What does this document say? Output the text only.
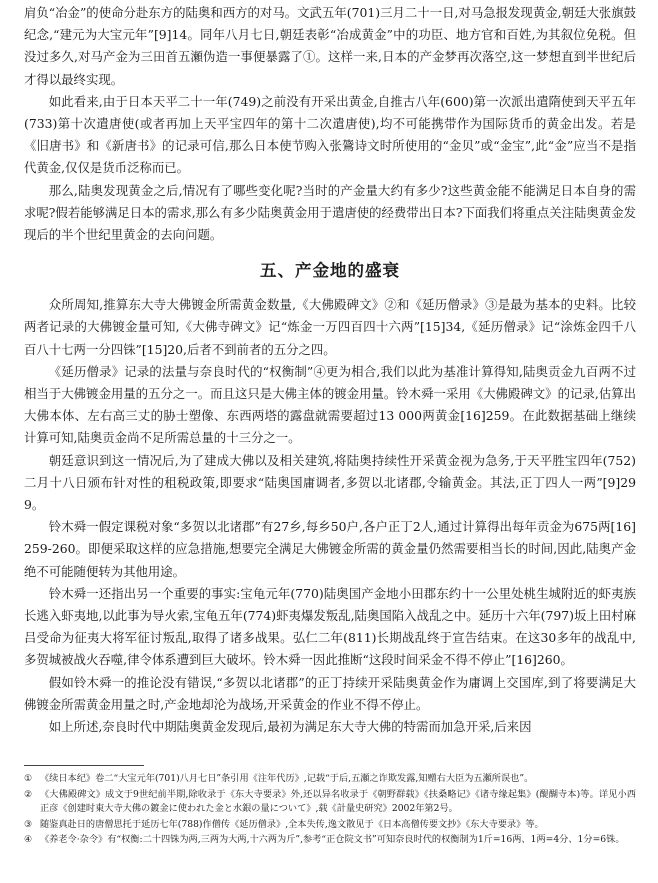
肩负“冶金”的使命分赴东方的陆奥和西方的对马。文武五年(701)三月二十一日,对马急报发现黄金,朝廷大张旗鼓纪念,“建元为大宝元年”[9]14。同年八月七日,朝廷表彰“冶成黄金”中的功臣、地方官和百姓,为其叙位免税。但没过多久,对马产金为三田首五瀬伪造一事便暴露了①。这样一来,日本的产金梦再次落空,这一梦想直到半世纪后才得以最终实现。

如此看来,由于日本天平二十一年(749)之前没有开采出黄金,自推古八年(600)第一次派出遣隋使到天平五年(733)第十次遣唐使(或者再加上天平宝四年的第十二次遣唐使),均不可能携带作为国际货币的黄金出发。若是《旧唐书》和《新唐书》的记录可信,那么日本使节购入张鷟诗文时所使用的“金贝”或“金宝”,此“金”应当不是指代黄金,仅仅是货币泛称而已。

那么,陆奥发现黄金之后,情况有了哪些变化呢?当时的产金量大约有多少?这些黄金能不能满足日本自身的需求呢?假若能够满足日本的需求,那么有多少陆奥黄金用于遣唐使的经费带出日本?下面我们将重点关注陆奥黄金发现后的半个世纪里黄金的去向问题。

五、产金地的盛衰

众所周知,推算东大寺大佛镀金所需黄金数量,《大佛殿碑文》②和《延历僧录》③是最为基本的史料。比较两者记录的大佛镀金量可知,《大佛寺碑文》记“炼金一万四百四十六两”[15]34,《延历僧录》记“涂炼金四千八百八十七两一分四铢”[15]20,后者不到前者的五分之四。

《延历僧录》记录的法量与奈良时代的“权衡制”④更为相合,我们以此为基准计算得知,陆奥贡金九百两不过相当于大佛镀金用量的五分之一。而且这只是大佛主体的镀金用量。铃木舜一采用《大佛殿碑文》的记录,估算出大佛本体、左右高三丈的胁士塑像、东西两塔的露盘就需要超过13 000两黄金[16]259。在此数据基础上继续计算可知,陆奥贡金尚不足所需总量的十三分之一。

朝廷意识到这一情况后,为了建成大佛以及相关建筑,将陆奥持续性开采黄金视为急务,于天平胜宝四年(752)二月十八日颁布针对性的租税政策,即要求“陆奥国庸调者,多贺以北诸郡,令输黄金。其法,正丁四人一两”[9]299。

铃木舜一假定课税对象“多贺以北诸郡”有27乡,每乡50户,各户正丁2人,通过计算得出每年贡金为675两[16]259-260。即便采取这样的应急措施,想要完全满足大佛镀金所需的黄金量仍然需要相当长的时间,因此,陆奥产金绝不可能随便转为其他用途。

铃木舜一还指出另一个重要的事实:宝龟元年(770)陆奥国产金地小田郡东约十一公里处桃生城附近的虾夷族长逃入虾夷地,以此事为导火索,宝龟五年(774)虾夷爆发叛乱,陆奥国陷入战乱之中。延历十六年(797)坂上田村麻吕受命为征夷大将军征讨叛乱,取得了诸多战果。弘仁二年(811)长期战乱终于宣告结束。在这30多年的战乱中,多贺城被战火吞噬,律令体系遭到巨大破坏。铃木舜一因此推断“这段时间采金不得不停止”[16]260。

假如铃木舜一的推论没有错误,“多贺以北诸郡”的正丁持续开采陆奥黄金作为庸调上交国库,到了将要满足大佛镀金所需黄金用量之时,产金地却沦为战场,开采黄金的作业不得不停止。

如上所述,奈良时代中期陆奥黄金发现后,最初为满足东大寺大佛的特需而加急开采,后来因

① 《续日本纪》卷二“大宝元年(701)八月七日”条引用《注年代历》,记载“于后,五瀬之诈欺发露,知赠右大臣为五瀬所误也”。
② 《大佛殿碑文》成文于9世纪前半期,除收录于《东大寺要录》外,还以异名收录于《朝野群载》《扶桑略记》《诸寺缘起集》(醍醐寺本)等。详见小西正彦《创建时東大寺大佛の鍍金に使われた金と水銀の量について》,载《計量史研究》2002年第2号。
③ 随鉴真赴日的唐僧思托于延历七年(788)作僧传《延历僧录》,全本失传,逸文散见于《日本高僧传要文抄》《东大寺要录》等。
④ 《养老令·杂令》有“权衡:二十四铢为两,三两为大两,十六两为斤”,参考“正仓院文书”可知奈良时代的权衡制为1斤=16两、1两=4分、1分=6铢。
